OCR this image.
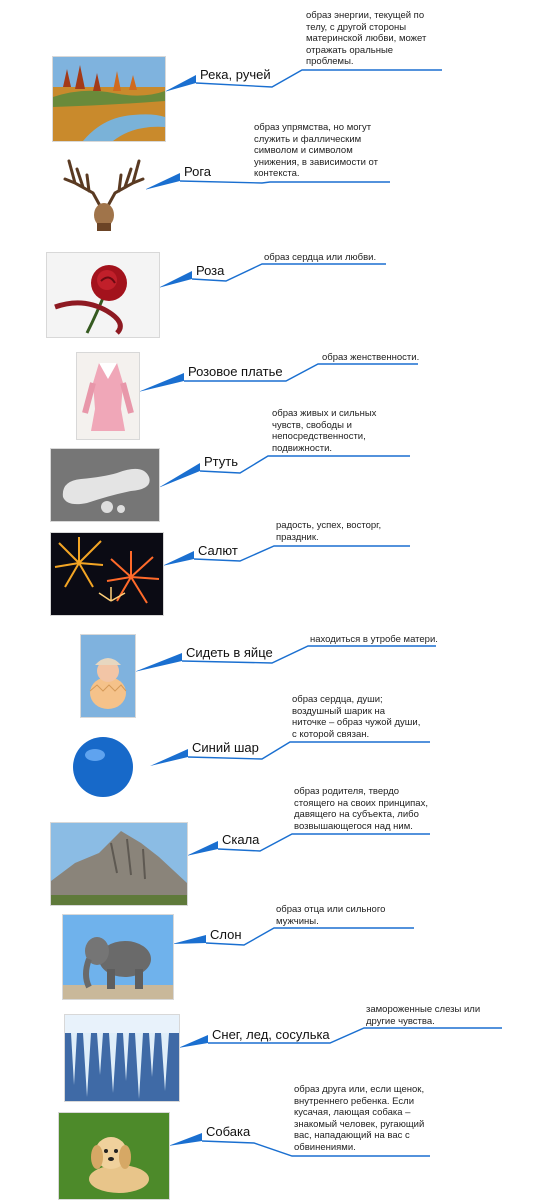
Река, ручей
образ энергии, текущей по телу, с другой стороны материнской любви, может отражать оральные проблемы.
Рога
образ упрямства, но могут служить и фаллическим символом и символом унижения, в зависимости от контекста.
Роза
образ сердца или любви.
Розовое платье
образ женственности.
Ртуть
образ живых и сильных чувств, свободы и непосредственности, подвижности.
Салют
радость, успех, восторг, праздник.
Сидеть в яйце
находиться в утробе матери.
Синий шар
образ сердца, души; воздушный шарик на ниточке – образ чужой души, с которой связан.
Скала
образ родителя, твердо стоящего на своих принципах, давящего на субъекта, либо возвышающегося над ним.
Слон
образ отца или сильного мужчины.
Снег, лед, сосулька
замороженные слезы или другие чувства.
Собака
образ друга или, если щенок, внутреннего ребенка. Если кусачая, лающая собака – знакомый человек, ругающий вас, нападающий на вас с обвинениями.
